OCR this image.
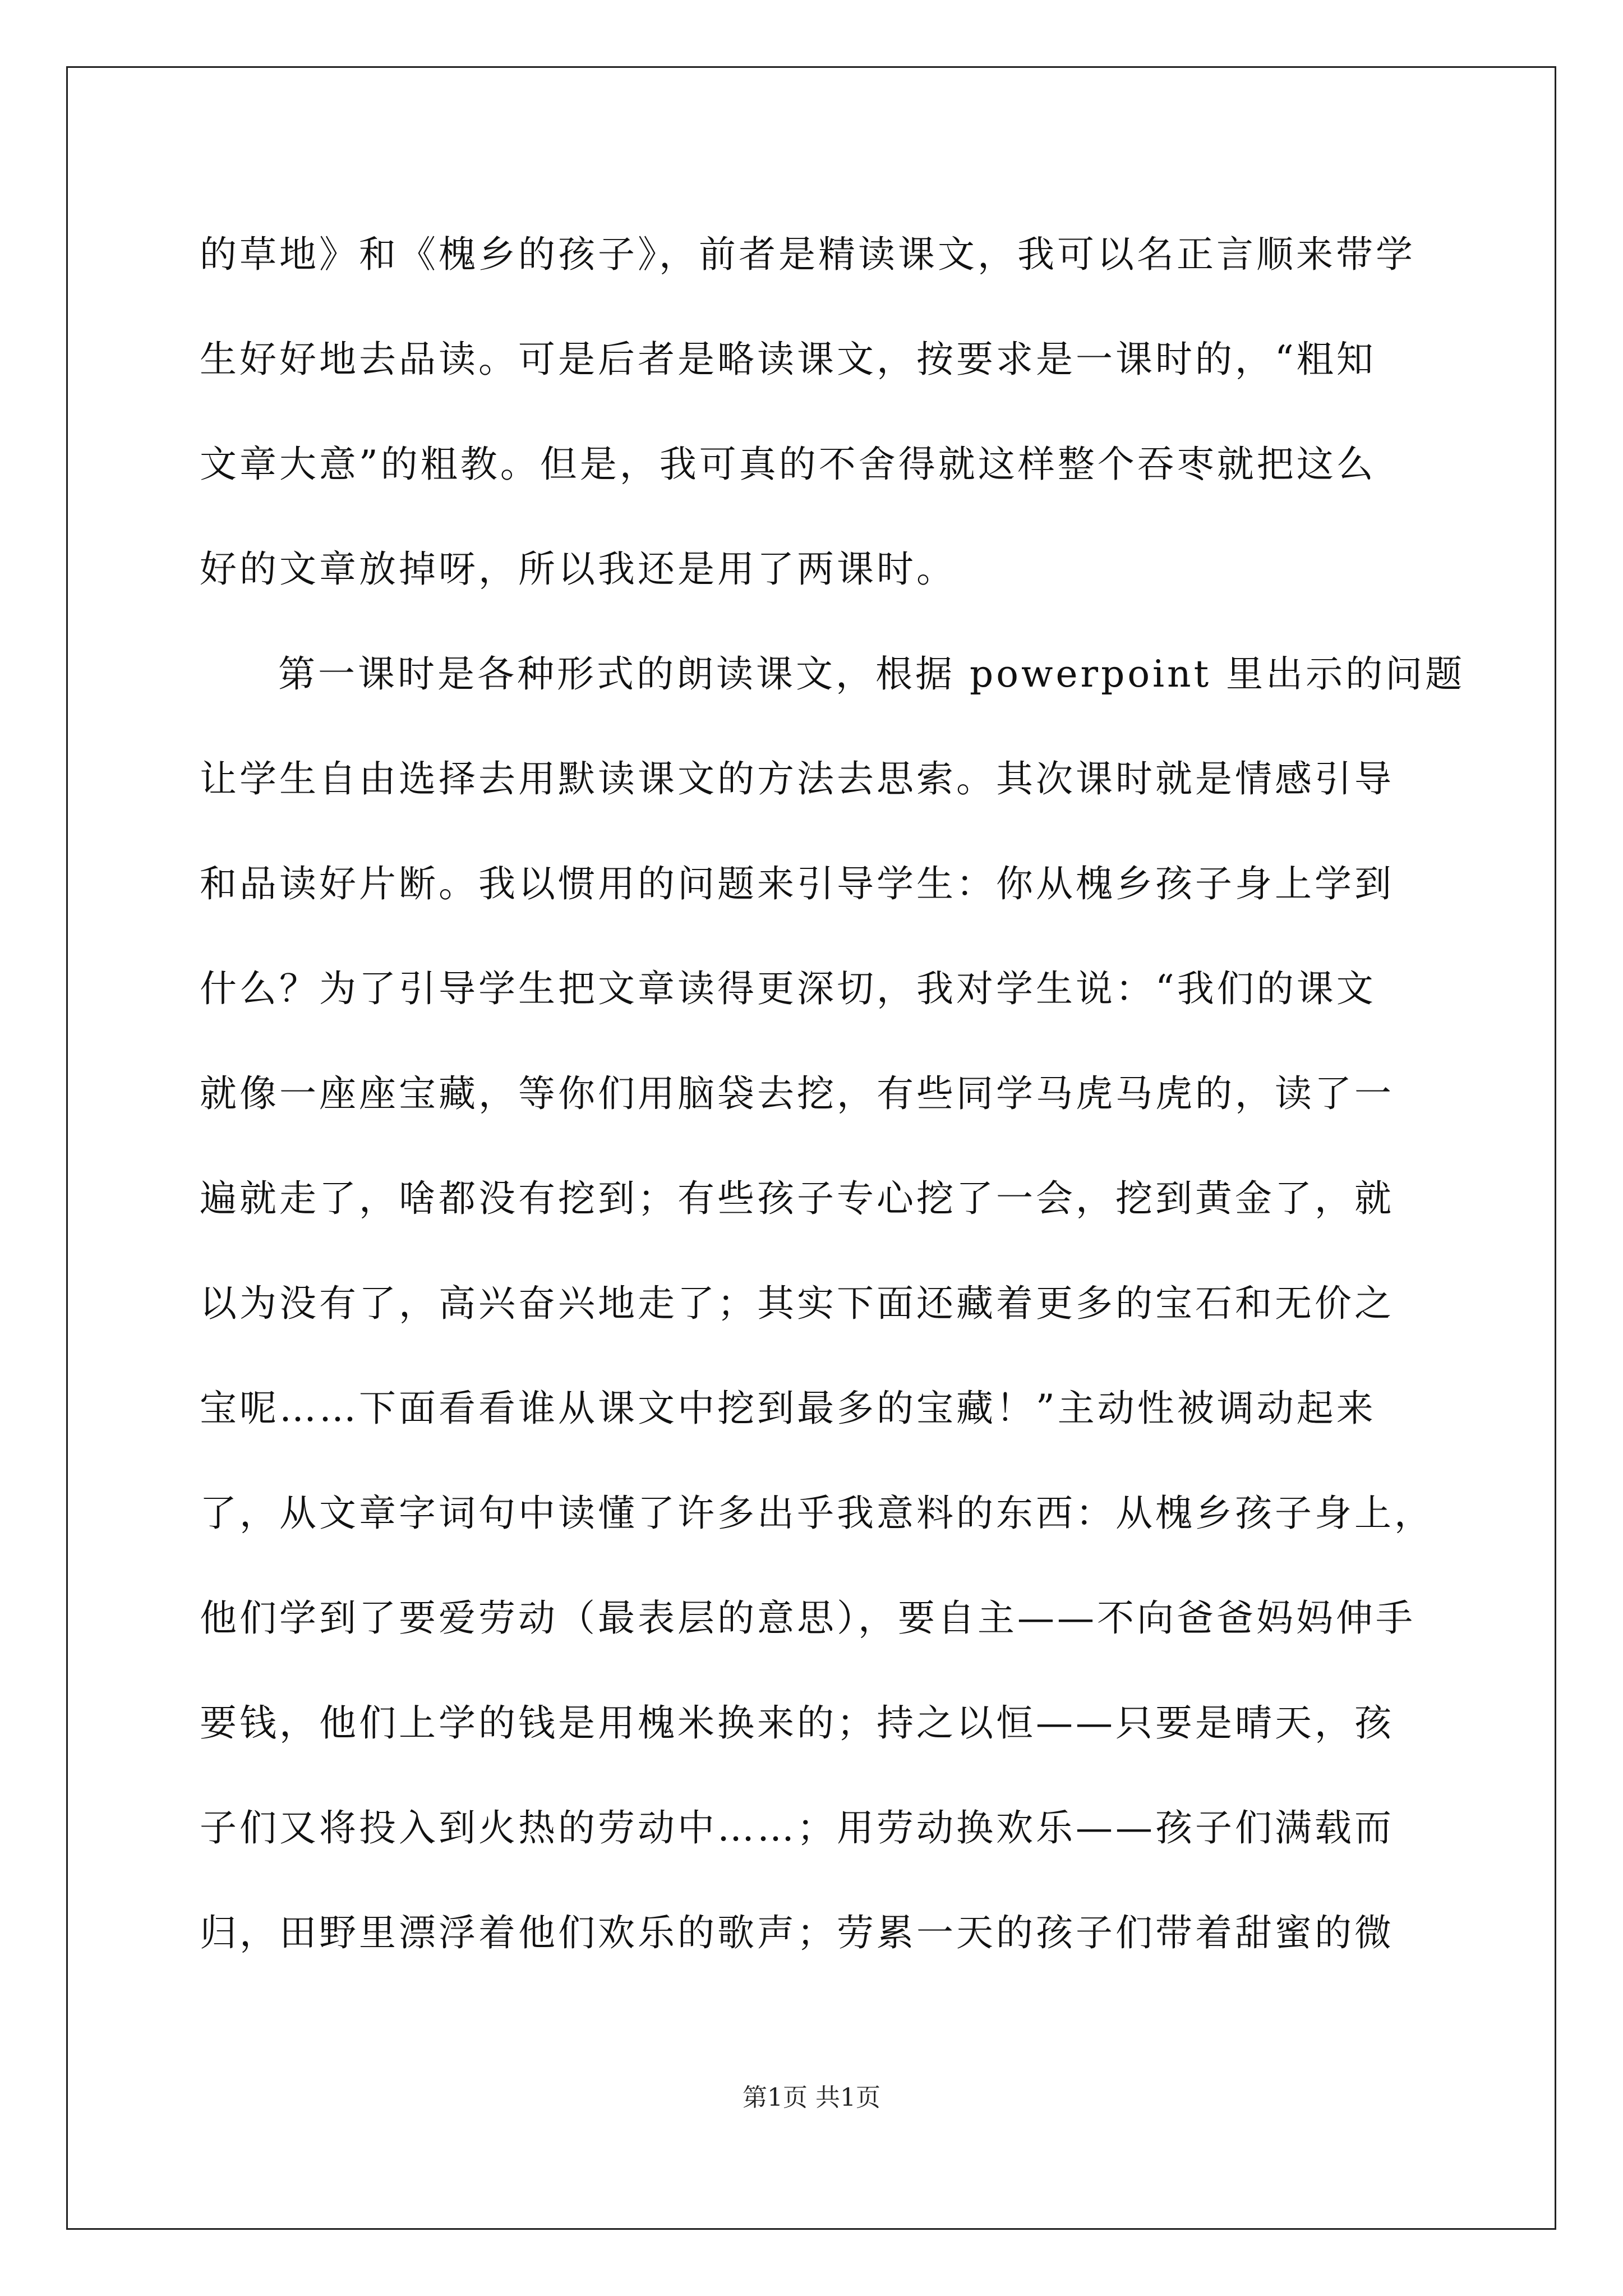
的草地》和《槐乡的孩子》，前者是精读课文，我可以名正言顺来带学
生好好地去品读。可是后者是略读课文，按要求是一课时的，“粗知
文章大意”的粗教。但是，我可真的不舍得就这样整个吞枣就把这么
好的文章放掉呀，所以我还是用了两课时。
第一课时是各种形式的朗读课文，根据 powerpoint 里出示的问题
让学生自由选择去用默读课文的方法去思索。其次课时就是情感引导
和品读好片断。我以惯用的问题来引导学生：你从槐乡孩子身上学到
什么？为了引导学生把文章读得更深切，我对学生说：“我们的课文
就像一座座宝藏，等你们用脑袋去挖，有些同学马虎马虎的，读了一
遍就走了，啥都没有挖到；有些孩子专心挖了一会，挖到黄金了，就
以为没有了，高兴奋兴地走了；其实下面还藏着更多的宝石和无价之
宝呢……下面看看谁从课文中挖到最多的宝藏！”主动性被调动起来
了，从文章字词句中读懂了许多出乎我意料的东西：从槐乡孩子身上，
他们学到了要爱劳动（最表层的意思），要自主——不向爸爸妈妈伸手
要钱，他们上学的钱是用槐米换来的；持之以恒——只要是晴天，孩
子们又将投入到火热的劳动中……；用劳动换欢乐——孩子们满载而
归，田野里漂浮着他们欢乐的歌声；劳累一天的孩子们带着甜蜜的微
第1页 共1页
